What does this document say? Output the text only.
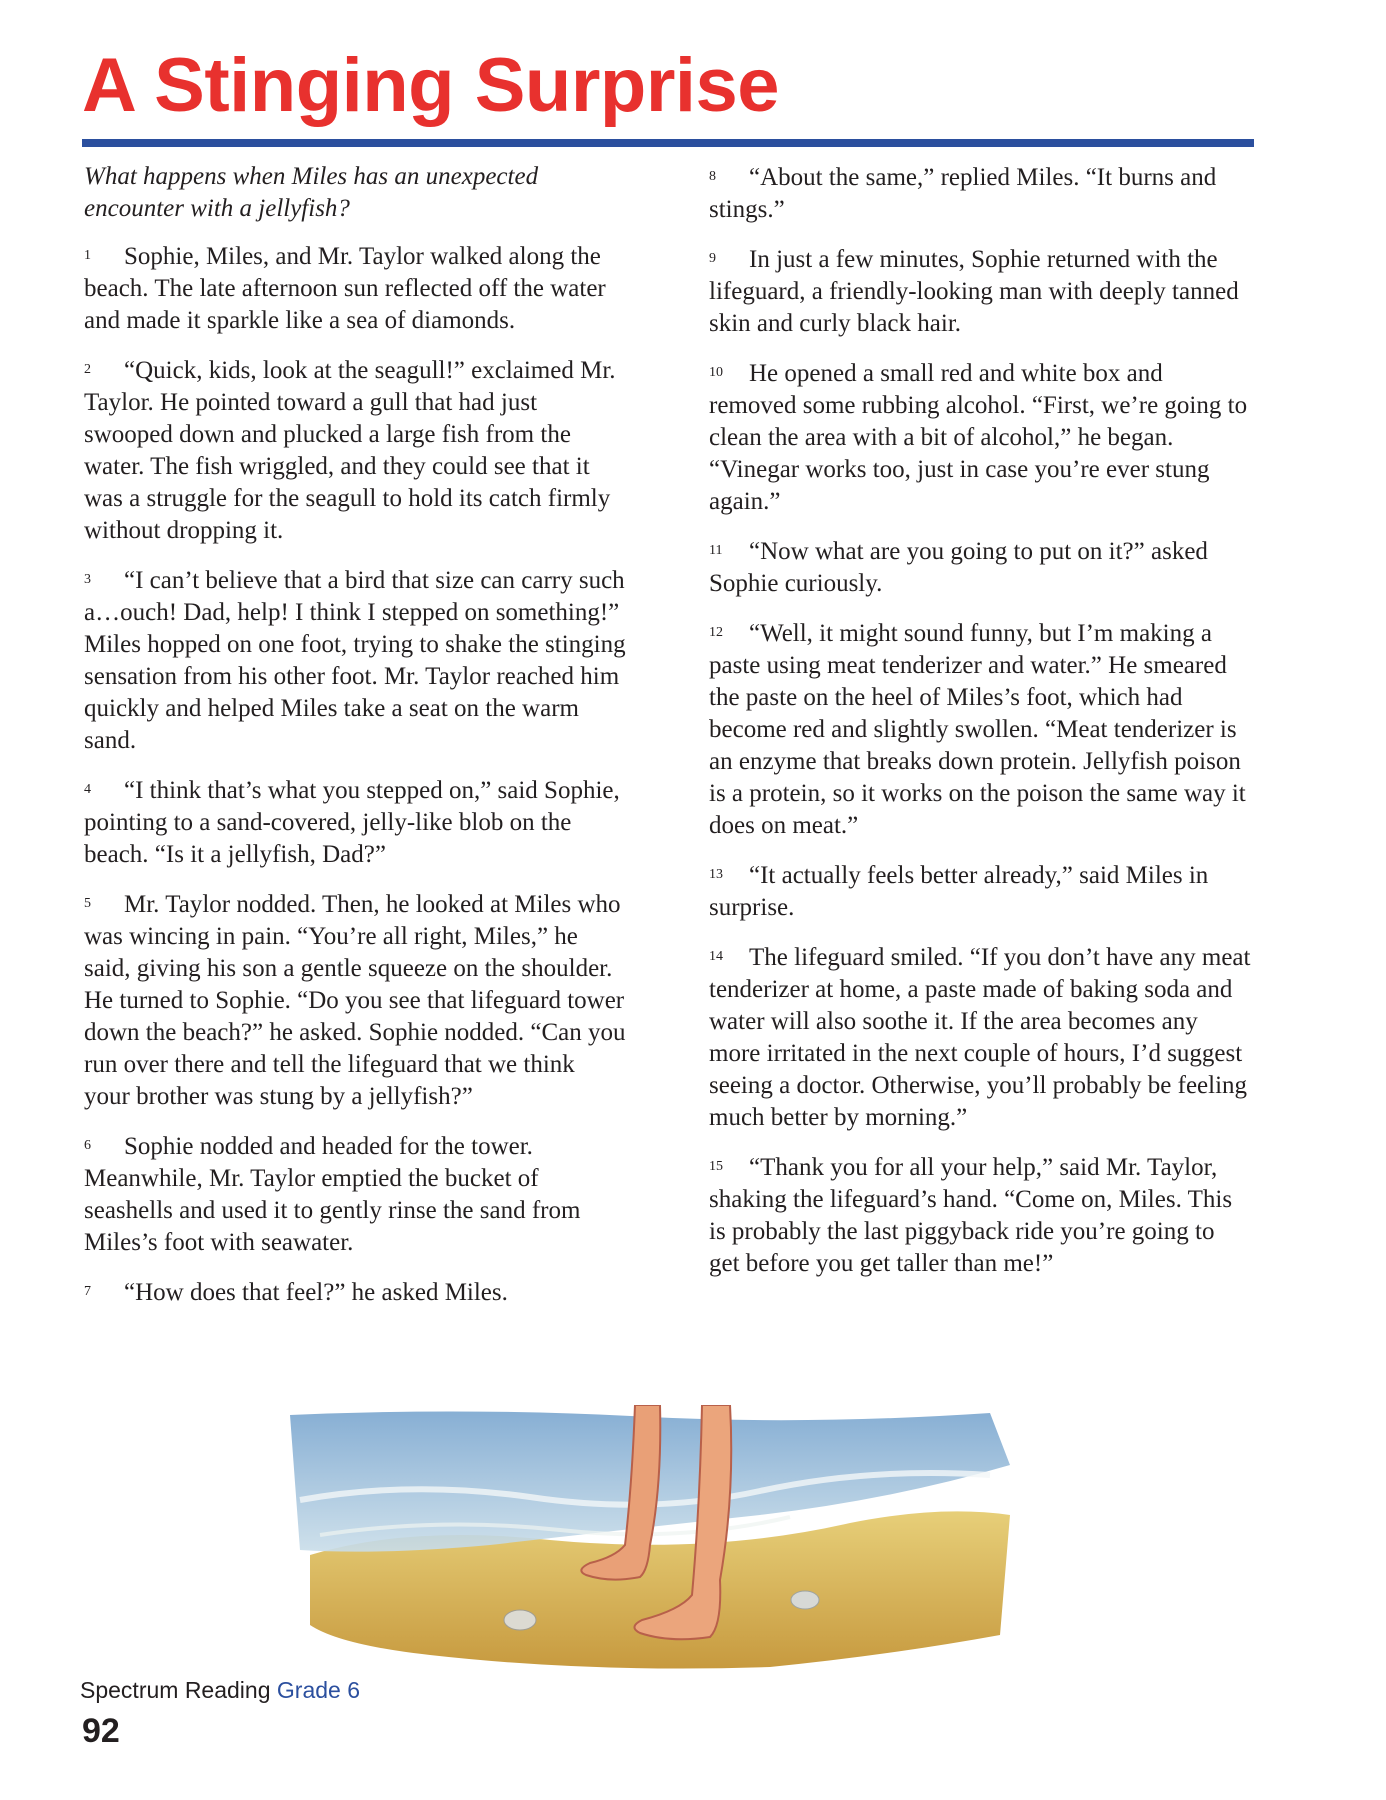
A Stinging Surprise

What happens when Miles has an unexpected encounter with a jellyfish?

1 Sophie, Miles, and Mr. Taylor walked along the beach. The late afternoon sun reflected off the water and made it sparkle like a sea of diamonds.

2 “Quick, kids, look at the seagull!” exclaimed Mr. Taylor. He pointed toward a gull that had just swooped down and plucked a large fish from the water. The fish wriggled, and they could see that it was a struggle for the seagull to hold its catch firmly without dropping it.

3 “I can’t believe that a bird that size can carry such a…ouch! Dad, help! I think I stepped on something!” Miles hopped on one foot, trying to shake the stinging sensation from his other foot. Mr. Taylor reached him quickly and helped Miles take a seat on the warm sand.

4 “I think that’s what you stepped on,” said Sophie, pointing to a sand-covered, jelly-like blob on the beach. “Is it a jellyfish, Dad?”

5 Mr. Taylor nodded. Then, he looked at Miles who was wincing in pain. “You’re all right, Miles,” he said, giving his son a gentle squeeze on the shoulder. He turned to Sophie. “Do you see that lifeguard tower down the beach?” he asked. Sophie nodded. “Can you run over there and tell the lifeguard that we think your brother was stung by a jellyfish?”

6 Sophie nodded and headed for the tower. Meanwhile, Mr. Taylor emptied the bucket of seashells and used it to gently rinse the sand from Miles’s foot with seawater.

7 “How does that feel?” he asked Miles.

8 “About the same,” replied Miles. “It burns and stings.”

9 In just a few minutes, Sophie returned with the lifeguard, a friendly-looking man with deeply tanned skin and curly black hair.

10 He opened a small red and white box and removed some rubbing alcohol. “First, we’re going to clean the area with a bit of alcohol,” he began. “Vinegar works too, just in case you’re ever stung again.”

11 “Now what are you going to put on it?” asked Sophie curiously.

12 “Well, it might sound funny, but I’m making a paste using meat tenderizer and water.” He smeared the paste on the heel of Miles’s foot, which had become red and slightly swollen. “Meat tenderizer is an enzyme that breaks down protein. Jellyfish poison is a protein, so it works on the poison the same way it does on meat.”

13 “It actually feels better already,” said Miles in surprise.

14 The lifeguard smiled. “If you don’t have any meat tenderizer at home, a paste made of baking soda and water will also soothe it. If the area becomes any more irritated in the next couple of hours, I’d suggest seeing a doctor. Otherwise, you’ll probably be feeling much better by morning.”

15 “Thank you for all your help,” said Mr. Taylor, shaking the lifeguard’s hand. “Come on, Miles. This is probably the last piggyback ride you’re going to get before you get taller than me!”

Spectrum Reading Grade 6
92
